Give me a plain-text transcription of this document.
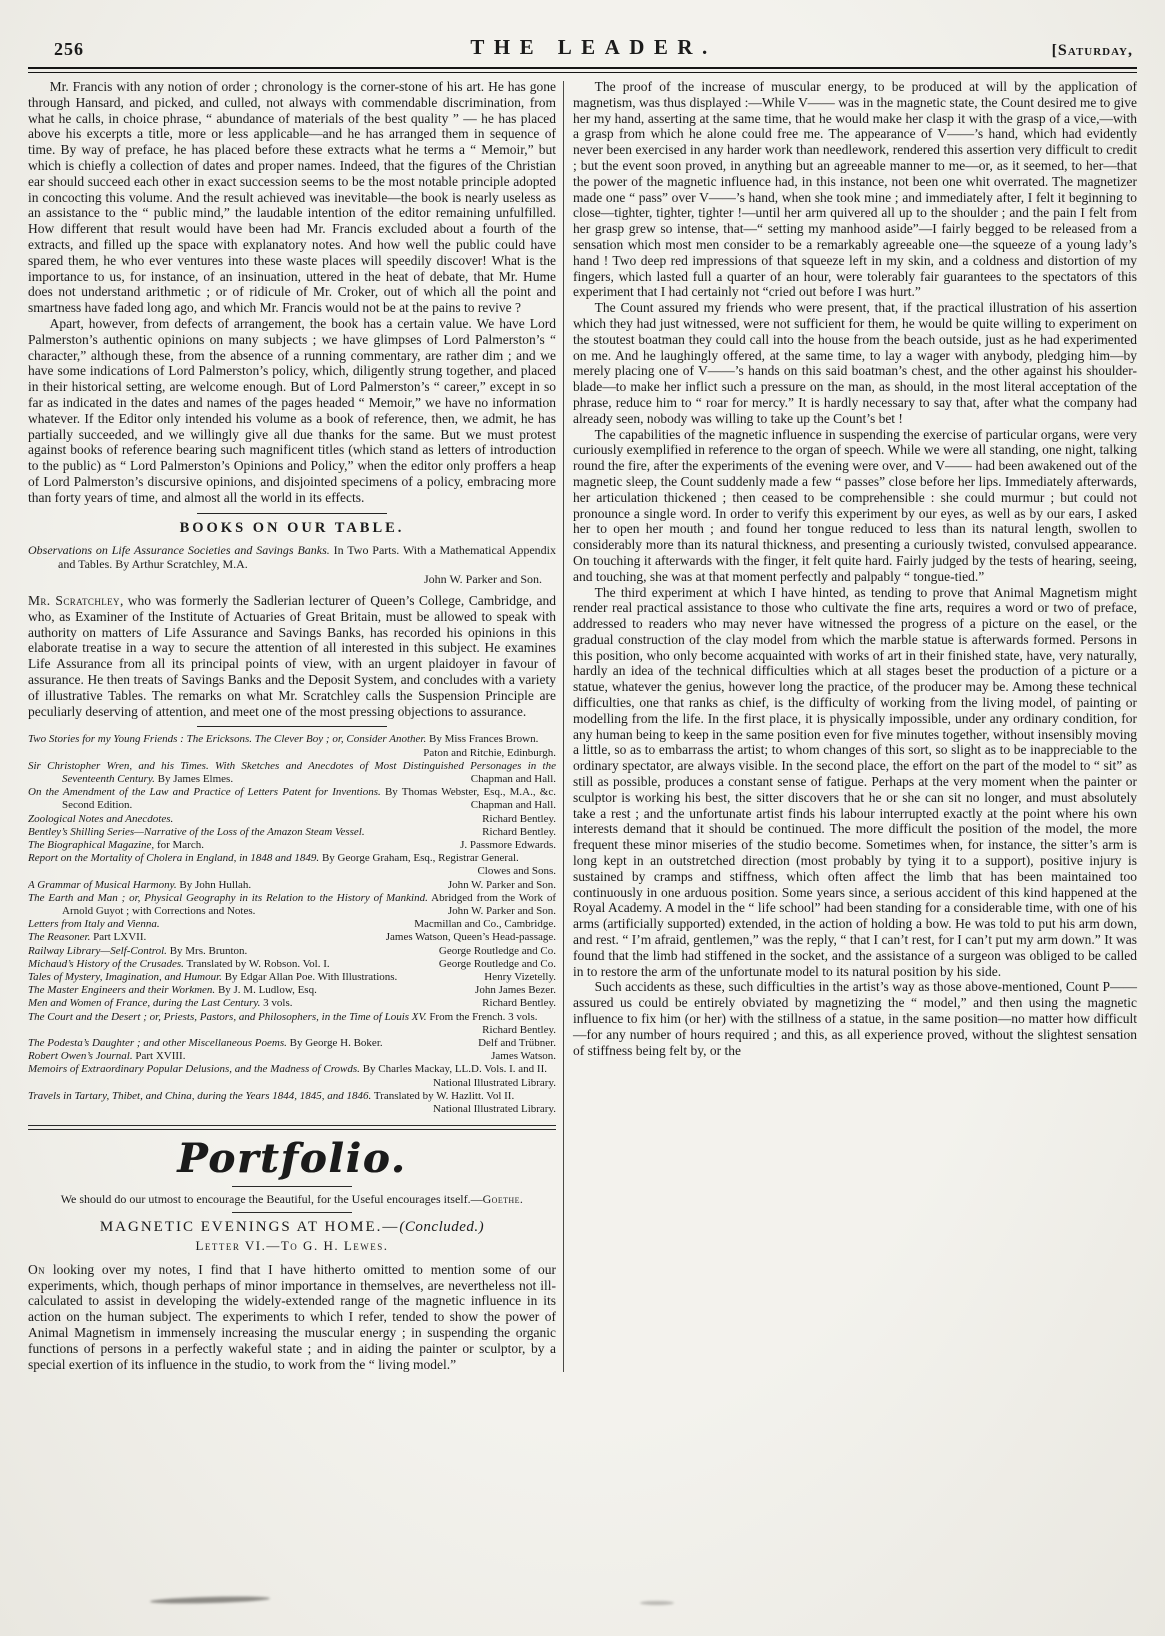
256	THE LEADER.	[Saturday,

Mr. Francis with any notion of order ; chronology is the corner-stone of his art. He has gone through Hansard, and picked, and culled, not always with commendable discrimination, from what he calls, in choice phrase, “ abundance of materials of the best quality ” — he has placed above his excerpts a title, more or less applicable—and he has arranged them in sequence of time. By way of preface, he has placed before these extracts what he terms a “ Memoir,” but which is chiefly a collection of dates and proper names. Indeed, that the figures of the Christian ear should succeed each other in exact succession seems to be the most notable principle adopted in concocting this volume. And the result achieved was inevitable—the book is nearly useless as an assistance to the “ public mind,” the laudable intention of the editor remaining unfulfilled. How different that result would have been had Mr. Francis excluded about a fourth of the extracts, and filled up the space with explanatory notes. And how well the public could have spared them, he who ever ventures into these waste places will speedily discover! What is the importance to us, for instance, of an insinuation, uttered in the heat of debate, that Mr. Hume does not understand arithmetic ; or of ridicule of Mr. Croker, out of which all the point and smartness have faded long ago, and which Mr. Francis would not be at the pains to revive ?

Apart, however, from defects of arrangement, the book has a certain value. We have Lord Palmerston’s authentic opinions on many subjects ; we have glimpses of Lord Palmerston’s “ character,” although these, from the absence of a running commentary, are rather dim ; and we have some indications of Lord Palmerston’s policy, which, diligently strung together, and placed in their historical setting, are welcome enough. But of Lord Palmerston’s “ career,” except in so far as indicated in the dates and names of the pages headed “ Memoir,” we have no information whatever. If the Editor only intended his volume as a book of reference, then, we admit, he has partially succeeded, and we willingly give all due thanks for the same. But we must protest against books of reference bearing such magnificent titles (which stand as letters of introduction to the public) as “ Lord Palmerston’s Opinions and Policy,” when the editor only proffers a heap of Lord Palmerston’s discursive opinions, and disjointed specimens of a policy, embracing more than forty years of time, and almost all the world in its effects.

BOOKS ON OUR TABLE.
Observations on Life Assurance Societies and Savings Banks. In Two Parts. With a Mathematical Appendix and Tables. By Arthur Scratchley, M.A.
John W. Parker and Son.

Mr. Scratchley, who was formerly the Sadlerian lecturer of Queen’s College, Cambridge, and who, as Examiner of the Institute of Actuaries of Great Britain, must be allowed to speak with authority on matters of Life Assurance and Savings Banks, has recorded his opinions in this elaborate treatise in a way to secure the attention of all interested in this subject. He examines Life Assurance from all its principal points of view, with an urgent plaidoyer in favour of assurance. He then treats of Savings Banks and the Deposit System, and concludes with a variety of illustrative Tables. The remarks on what Mr. Scratchley calls the Suspension Principle are peculiarly deserving of attention, and meet one of the most pressing objections to assurance.

Two Stories for my Young Friends : The Ericksons. The Clever Boy ; or, Consider Another. By Miss Frances Brown.
Paton and Ritchie, Edinburgh.
Sir Christopher Wren, and his Times. With Sketches and Anecdotes of Most Distinguished Personages in the Seventeenth Century. By James Elmes.	Chapman and Hall.
On the Amendment of the Law and Practice of Letters Patent for Inventions. By Thomas Webster, Esq., M.A., &c. Second Edition.	Chapman and Hall.
Zoological Notes and Anecdotes.	Richard Bentley.
Bentley’s Shilling Series—Narrative of the Loss of the Amazon Steam Vessel.	Richard Bentley.
The Biographical Magazine, for March.	J. Passmore Edwards.
Report on the Mortality of Cholera in England, in 1848 and 1849. By George Graham, Esq., Registrar General.
Clowes and Sons.
A Grammar of Musical Harmony. By John Hullah.	John W. Parker and Son.
The Earth and Man ; or, Physical Geography in its Relation to the History of Mankind. Abridged from the Work of Arnold Guyot ; with Corrections and Notes.	John W. Parker and Son.
Letters from Italy and Vienna.	Macmillan and Co., Cambridge.
The Reasoner. Part LXVII.	James Watson, Queen’s Head-passage.
Railway Library—Self-Control. By Mrs. Brunton.	George Routledge and Co.
Michaud’s History of the Crusades. Translated by W. Robson. Vol. I.	George Routledge and Co.
Tales of Mystery, Imagination, and Humour. By Edgar Allan Poe. With Illustrations.	Henry Vizetelly.
The Master Engineers and their Workmen. By J. M. Ludlow, Esq.	John James Bezer.
Men and Women of France, during the Last Century. 3 vols.	Richard Bentley.
The Court and the Desert ; or, Priests, Pastors, and Philosophers, in the Time of Louis XV. From the French. 3 vols.
Richard Bentley.
The Podesta’s Daughter ; and other Miscellaneous Poems. By George H. Boker.	Delf and Trübner.
Robert Owen’s Journal. Part XVIII.	James Watson.
Memoirs of Extraordinary Popular Delusions, and the Madness of Crowds. By Charles Mackay, LL.D. Vols. I. and II.
National Illustrated Library.
Travels in Tartary, Thibet, and China, during the Years 1844, 1845, and 1846. Translated by W. Hazlitt. Vol II.
National Illustrated Library.
Portfolio.

We should do our utmost to encourage the Beautiful, for the Useful encourages itself.—Goethe.

MAGNETIC EVENINGS AT HOME.—(Concluded.)
Letter VI.—To G. H. Lewes.

On looking over my notes, I find that I have hitherto omitted to mention some of our experiments, which, though perhaps of minor importance in themselves, are nevertheless not ill-calculated to assist in developing the widely-extended range of the magnetic influence in its action on the human subject. The experiments to which I refer, tended to show the power of Animal Magnetism in immensely increasing the muscular energy ; in suspending the organic functions of persons in a perfectly wakeful state ; and in aiding the painter or sculptor, by a special exertion of its influence in the studio, to work from the “ living model.”

The proof of the increase of muscular energy, to be produced at will by the application of magnetism, was thus displayed :—While V—— was in the magnetic state, the Count desired me to give her my hand, asserting at the same time, that he would make her clasp it with the grasp of a vice,—with a grasp from which he alone could free me. The appearance of V——’s hand, which had evidently never been exercised in any harder work than needlework, rendered this assertion very difficult to credit ; but the event soon proved, in anything but an agreeable manner to me—or, as it seemed, to her—that the power of the magnetic influence had, in this instance, not been one whit overrated. The magnetizer made one “ pass” over V——’s hand, when she took mine ; and immediately after, I felt it beginning to close—tighter, tighter, tighter !—until her arm quivered all up to the shoulder ; and the pain I felt from her grasp grew so intense, that—“ setting my manhood aside”—I fairly begged to be released from a sensation which most men consider to be a remarkably agreeable one—the squeeze of a young lady’s hand ! Two deep red impressions of that squeeze left in my skin, and a coldness and distortion of my fingers, which lasted full a quarter of an hour, were tolerably fair guarantees to the spectators of this experiment that I had certainly not “cried out before I was hurt.”

The Count assured my friends who were present, that, if the practical illustration of his assertion which they had just witnessed, were not sufficient for them, he would be quite willing to experiment on the stoutest boatman they could call into the house from the beach outside, just as he had experimented on me. And he laughingly offered, at the same time, to lay a wager with anybody, pledging him—by merely placing one of V——’s hands on this said boatman’s chest, and the other against his shoulder-blade—to make her inflict such a pressure on the man, as should, in the most literal acceptation of the phrase, reduce him to “ roar for mercy.” It is hardly necessary to say that, after what the company had already seen, nobody was willing to take up the Count’s bet !

The capabilities of the magnetic influence in suspending the exercise of particular organs, were very curiously exemplified in reference to the organ of speech. While we were all standing, one night, talking round the fire, after the experiments of the evening were over, and V—— had been awakened out of the magnetic sleep, the Count suddenly made a few “ passes” close before her lips. Immediately afterwards, her articulation thickened ; then ceased to be comprehensible : she could murmur ; but could not pronounce a single word. In order to verify this experiment by our eyes, as well as by our ears, I asked her to open her mouth ; and found her tongue reduced to less than its natural length, swollen to considerably more than its natural thickness, and presenting a curiously twisted, convulsed appearance. On touching it afterwards with the finger, it felt quite hard. Fairly judged by the tests of hearing, seeing, and touching, she was at that moment perfectly and palpably “ tongue-tied.”

The third experiment at which I have hinted, as tending to prove that Animal Magnetism might render real practical assistance to those who cultivate the fine arts, requires a word or two of preface, addressed to readers who may never have witnessed the progress of a picture on the easel, or the gradual construction of the clay model from which the marble statue is afterwards formed. Persons in this position, who only become acquainted with works of art in their finished state, have, very naturally, hardly an idea of the technical difficulties which at all stages beset the production of a picture or a statue, whatever the genius, however long the practice, of the producer may be. Among these technical difficulties, one that ranks as chief, is the difficulty of working from the living model, of painting or modelling from the life. In the first place, it is physically impossible, under any ordinary condition, for any human being to keep in the same position even for five minutes together, without insensibly moving a little, so as to embarrass the artist; to whom changes of this sort, so slight as to be inappreciable to the ordinary spectator, are always visible. In the second place, the effort on the part of the model to “ sit” as still as possible, produces a constant sense of fatigue. Perhaps at the very moment when the painter or sculptor is working his best, the sitter discovers that he or she can sit no longer, and must absolutely take a rest ; and the unfortunate artist finds his labour interrupted exactly at the point where his own interests demand that it should be continued. The more difficult the position of the model, the more frequent these minor miseries of the studio become. Sometimes when, for instance, the sitter’s arm is long kept in an outstretched direction (most probably by tying it to a support), positive injury is sustained by cramps and stiffness, which often affect the limb that has been maintained too continuously in one arduous position. Some years since, a serious accident of this kind happened at the Royal Academy. A model in the “ life school” had been standing for a considerable time, with one of his arms (artificially supported) extended, in the action of holding a bow. He was told to put his arm down, and rest. “ I’m afraid, gentlemen,” was the reply, “ that I can’t rest, for I can’t put my arm down.” It was found that the limb had stiffened in the socket, and the assistance of a surgeon was obliged to be called in to restore the arm of the unfortunate model to its natural position by his side.

Such accidents as these, such difficulties in the artist’s way as those above-mentioned, Count P—— assured us could be entirely obviated by magnetizing the “ model,” and then using the magnetic influence to fix him (or her) with the stillness of a statue, in the same position—no matter how difficult—for any number of hours required ; and this, as all experience proved, without the slightest sensation of stiffness being felt by, or the
